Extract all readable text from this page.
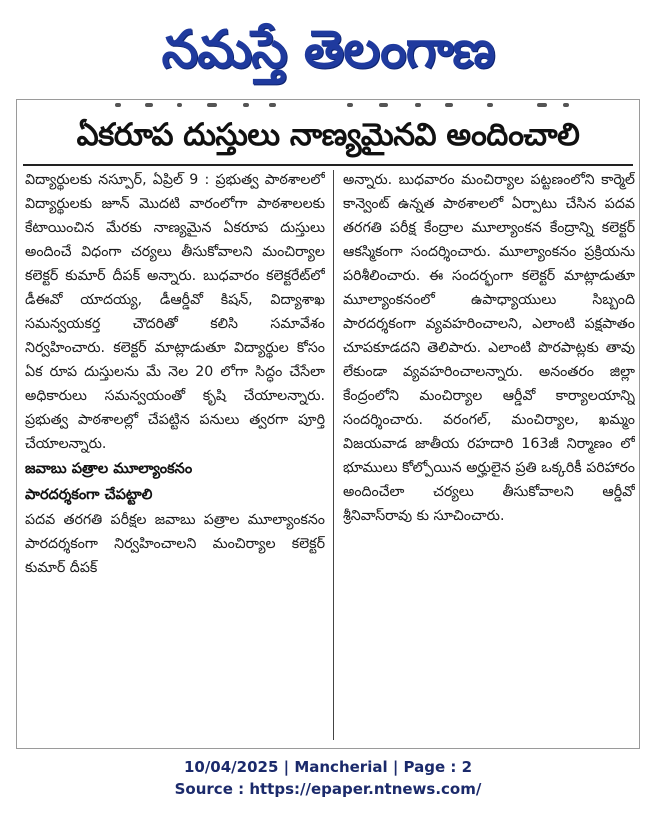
నమస్తే తెలంగాణ
ఏకరూప దుస్తులు నాణ్యమైనవి అందించాలి

విద్యార్థులకు నస్పూర్, ఏప్రిల్ 9 : ప్రభుత్వ పాఠశాలలో విద్యార్థులకు జూన్ మొదటి వారంలోగా పాఠశాలలకు కేటాయించిన మేరకు నాణ్యమైన ఏకరూప దుస్తులు అందించే విధంగా చర్యలు తీసుకోవాలని మంచిర్యాల కలెక్టర్ కుమార్ దీపక్ అన్నారు. బుధవారం కలెక్టరేట్‌లో డీఈవో యాదయ్య, డీఆర్డీవో కిషన్, విద్యాశాఖ సమన్వయకర్త చౌదరితో కలిసి సమావేశం నిర్వహించారు. కలెక్టర్ మాట్లాడుతూ విద్యార్థుల కోసం ఏక రూప దుస్తులను మే నెల 20 లోగా సిద్ధం చేసేలా అధికారులు సమన్వయంతో కృషి చేయాలన్నారు. ప్రభుత్వ పాఠశాలల్లో చేపట్టిన పనులు త్వరగా పూర్తి చేయాలన్నారు.

జవాబు పత్రాల మూల్యాంకనం

పారదర్శకంగా చేపట్టాలి

పదవ తరగతి పరీక్షల జవాబు పత్రాల మూల్యాంకనం పారదర్శకంగా నిర్వహించాలని మంచిర్యాల కలెక్టర్ కుమార్ దీపక్

అన్నారు. బుధవారం మంచిర్యాల పట్టణంలోని కార్మెల్ కాన్వెంట్ ఉన్నత పాఠశాలలో ఏర్పాటు చేసిన పదవ తరగతి పరీక్ష కేంద్రాల మూల్యాంకన కేంద్రాన్ని కలెక్టర్ ఆకస్మికంగా సందర్శించారు. మూల్యాంకనం ప్రక్రియను పరిశీలించారు. ఈ సందర్భంగా కలెక్టర్ మాట్లాడుతూ మూల్యాంకనంలో ఉపాధ్యాయులు సిబ్బంది పారదర్శకంగా వ్యవహరించాలని, ఎలాంటి పక్షపాతం చూపకూడదని తెలిపారు. ఎలాంటి పొరపాట్లకు తావు లేకుండా వ్యవహరించాలన్నారు. అనంతరం జిల్లా కేంద్రంలోని మంచిర్యాల ఆర్డీవో కార్యాలయాన్ని సందర్శించారు. వరంగల్, మంచిర్యాల, ఖమ్మం విజయవాడ జాతీయ రహదారి 163జీ నిర్మాణం లో భూములు కోల్పోయిన అర్హులైన ప్రతి ఒక్కరికీ పరిహారం అందించేలా చర్యలు తీసుకోవాలని ఆర్డీవో శ్రీనివాస్‌రావు కు సూచించారు.

10/04/2025 | Mancherial | Page : 2
Source : https://epaper.ntnews.com/
